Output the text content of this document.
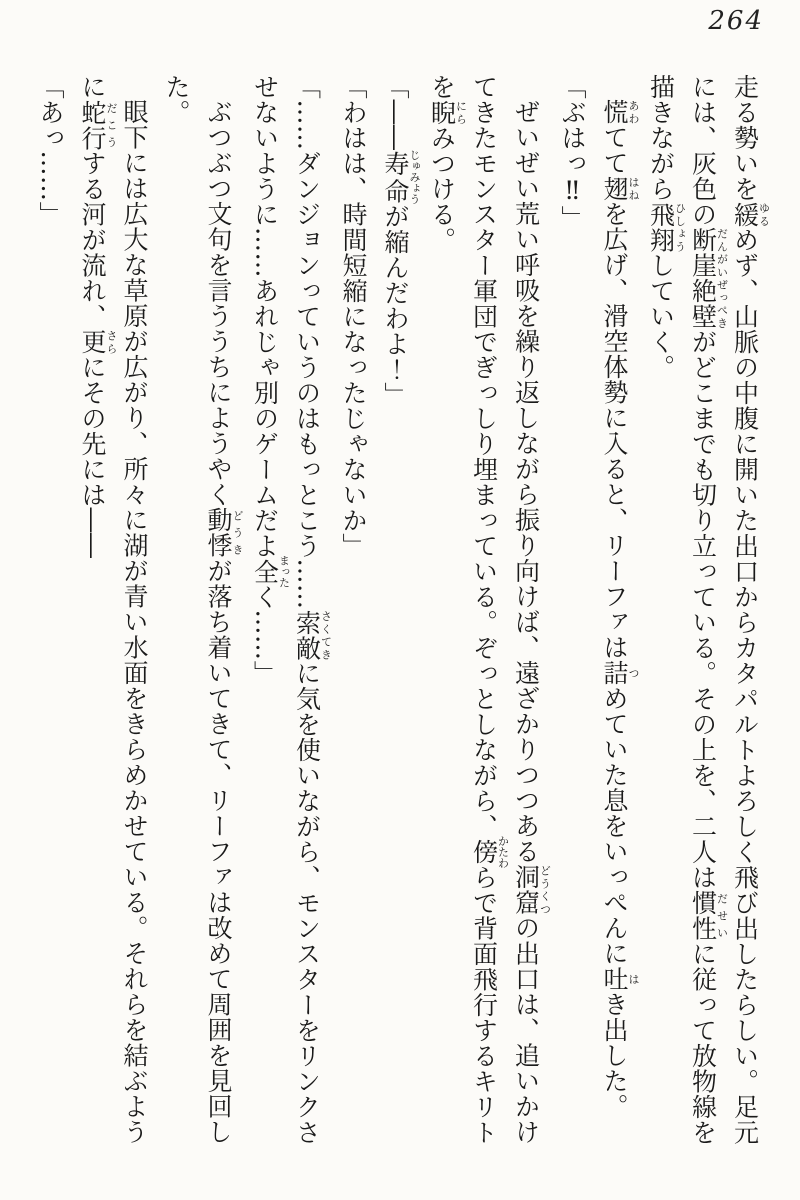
264

走る勢いを緩ゆるめず、山脈の中腹に開いた出口からカタパルトよろしく飛び出したらしい。足元には、灰色の断崖絶壁だんがいぜっぺきがどこまでも切り立っている。その上を、二人は慣性だせいに従って放物線を描きながら飛翔ひしょうしていく。

慌あわてて翅はねを広げ、滑空体勢に入ると、リーファは詰つめていた息をいっぺんに吐はき出した。

「ぶはっ‼」

ぜいぜい荒い呼吸を繰り返しながら振り向けば、遠ざかりつつある洞窟どうくつの出口は、追いかけてきたモンスター軍団でぎっしり埋まっている。ぞっとしながら、傍かたわらで背面飛行するキリトを睨にらみつける。

「――寿命じゅみょうが縮んだわよ！」

「わはは、時間短縮になったじゃないか」

「……ダンジョンっていうのはもっとこう……索敵さくてきに気を使いながら、モンスターをリンクさせないように……あれじゃ別のゲームだよ全まったく……」

ぶつぶつ文句を言ううちにようやく動悸どうきが落ち着いてきて、リーファは改めて周囲を見回した。

眼下には広大な草原が広がり、所々に湖が青い水面をきらめかせている。それらを結ぶように蛇行だこうする河が流れ、更さらにその先には――

「あっ……」
